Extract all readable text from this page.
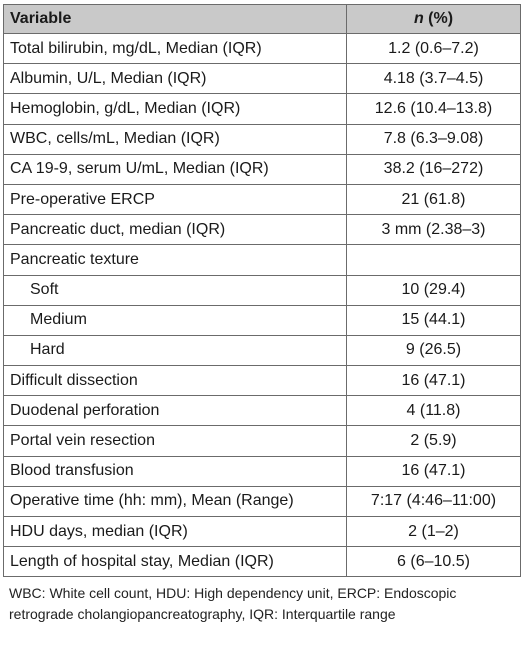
Variable	n (%)
Total bilirubin, mg/dL, Median (IQR)	1.2 (0.6–7.2)
Albumin, U/L, Median (IQR)	4.18 (3.7–4.5)
Hemoglobin, g/dL, Median (IQR)	12.6 (10.4–13.8)
WBC, cells/mL, Median (IQR)	7.8 (6.3–9.08)
CA 19-9, serum U/mL, Median (IQR)	38.2 (16–272)
Pre-operative ERCP	21 (61.8)
Pancreatic duct, median (IQR)	3 mm (2.38–3)
Pancreatic texture	
Soft	10 (29.4)
Medium	15 (44.1)
Hard	9 (26.5)
Difficult dissection	16 (47.1)
Duodenal perforation	4 (11.8)
Portal vein resection	2 (5.9)
Blood transfusion	16 (47.1)
Operative time (hh: mm), Mean (Range)	7:17 (4:46–11:00)
HDU days, median (IQR)	2 (1–2)
Length of hospital stay, Median (IQR)	6 (6–10.5)
WBC: White cell count, HDU: High dependency unit, ERCP: Endoscopic retrograde cholangiopancreatography, IQR: Interquartile range
